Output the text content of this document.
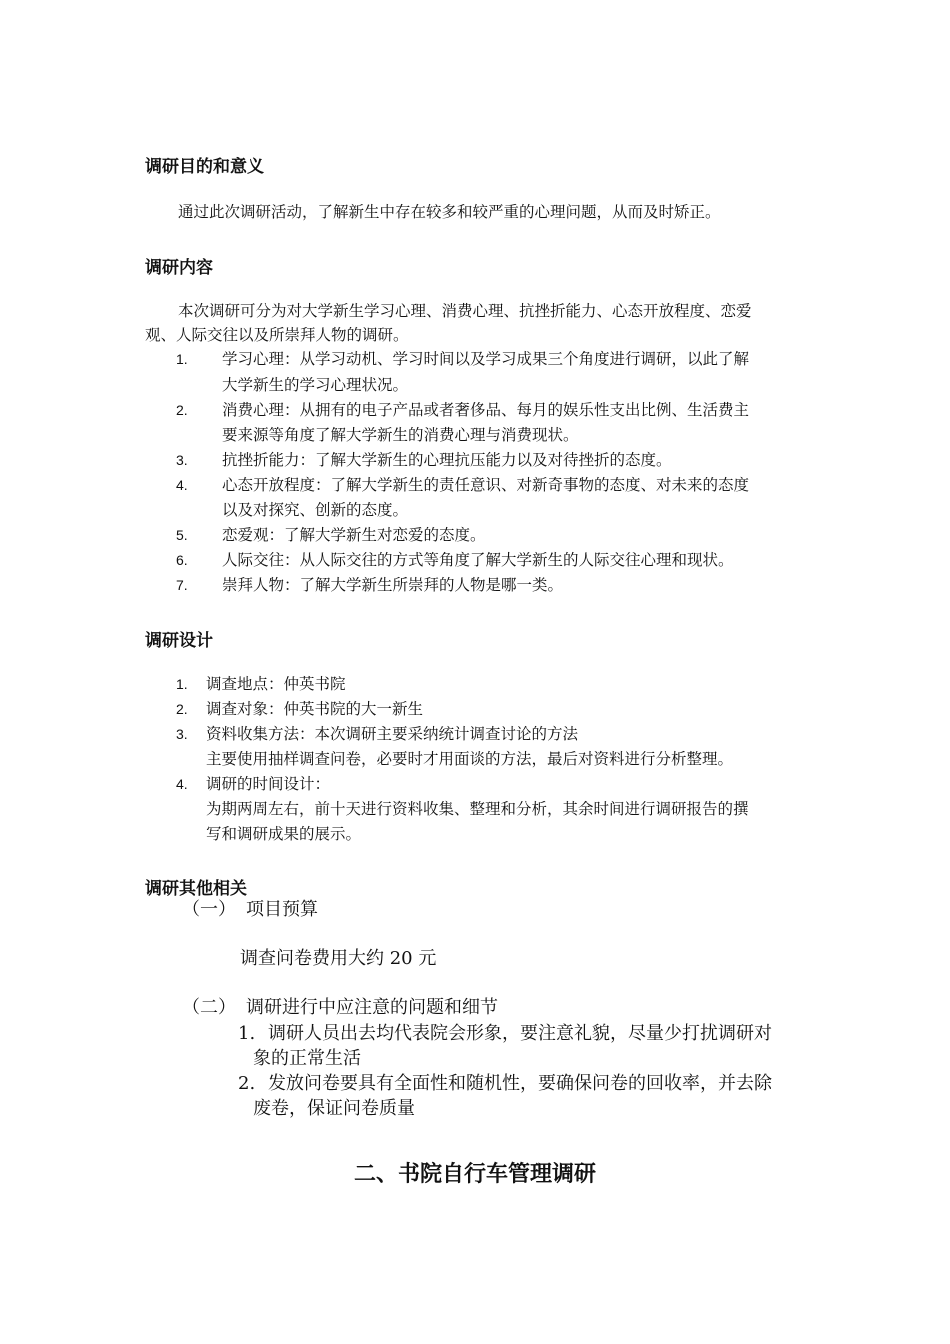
调研目的和意义
通过此次调研活动，了解新生中存在较多和较严重的心理问题，从而及时矫正。
调研内容
本次调研可分为对大学新生学习心理、消费心理、抗挫折能力、心态开放程度、恋爱
观、人际交往以及所崇拜人物的调研。
1. 学习心理：从学习动机、学习时间以及学习成果三个角度进行调研，以此了解
大学新生的学习心理状况。
2. 消费心理：从拥有的电子产品或者奢侈品、每月的娱乐性支出比例、生活费主
要来源等角度了解大学新生的消费心理与消费现状。
3. 抗挫折能力：了解大学新生的心理抗压能力以及对待挫折的态度。
4. 心态开放程度：了解大学新生的责任意识、对新奇事物的态度、对未来的态度
以及对探究、创新的态度。
5. 恋爱观：了解大学新生对恋爱的态度。
6. 人际交往：从人际交往的方式等角度了解大学新生的人际交往心理和现状。
7. 崇拜人物：了解大学新生所崇拜的人物是哪一类。
调研设计
1. 调查地点：仲英书院
2. 调查对象：仲英书院的大一新生
3. 资料收集方法：本次调研主要采纳统计调查讨论的方法
主要使用抽样调查问卷，必要时才用面谈的方法，最后对资料进行分析整理。
4. 调研的时间设计：
为期两周左右，前十天进行资料收集、整理和分析，其余时间进行调研报告的撰
写和调研成果的展示。
调研其他相关
（一） 项目预算
调查问卷费用大约 20 元
（二） 调研进行中应注意的问题和细节
1. 调研人员出去均代表院会形象，要注意礼貌，尽量少打扰调研对
象的正常生活
2. 发放问卷要具有全面性和随机性，要确保问卷的回收率，并去除
废卷，保证问卷质量
二、书院自行车管理调研
